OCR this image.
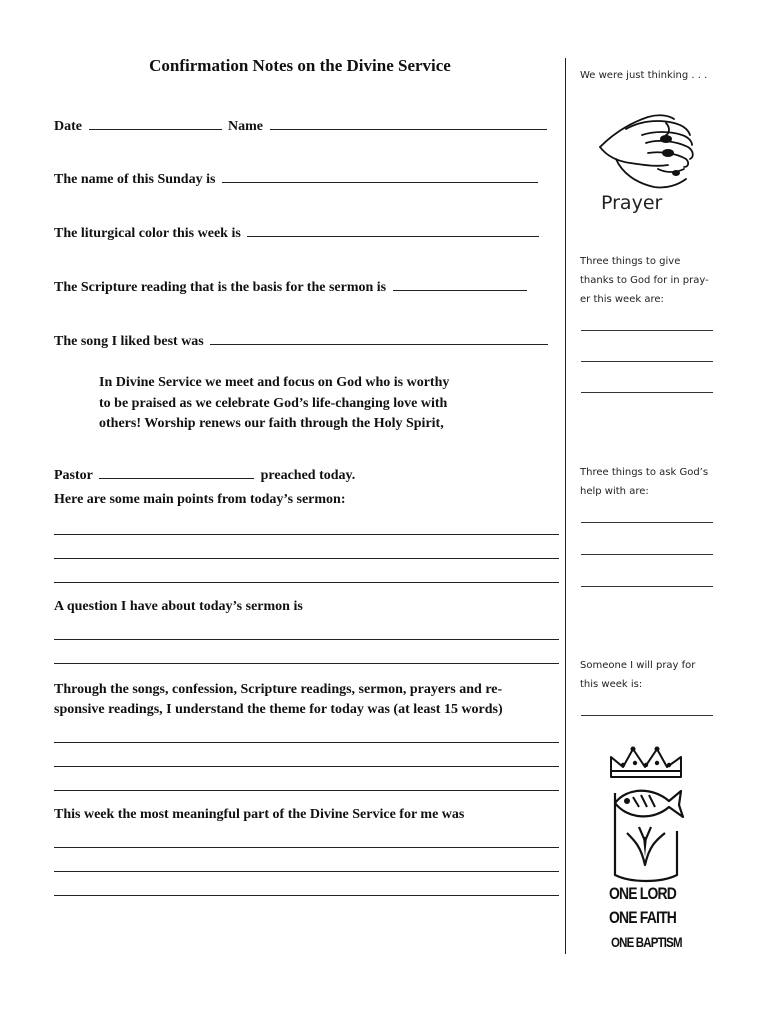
Confirmation Notes on the Divine Service
Date	Name
The name of this Sunday is
The liturgical color this week is
The Scripture reading that is the basis for the sermon is
The song I liked best was
In Divine Service we meet and focus on God who is worthy
to be praised as we celebrate God’s life-changing love with
others! Worship renews our faith through the Holy Spirit,
Pastor	preached today.
Here are some main points from today’s sermon:
A question I have about today’s sermon is
Through the songs, confession, Scripture readings, sermon, prayers and re-
sponsive readings, I understand the theme for today was (at least 15 words)
This week the most meaningful part of the Divine Service for me was
We were just thinking . . .
Prayer
Three things to give
thanks to God for in pray-
er this week are:
Three things to ask God’s
help with are:
Someone I will pray for
this week is:
ONE LORD
ONE FAITH
ONE BAPTISM
